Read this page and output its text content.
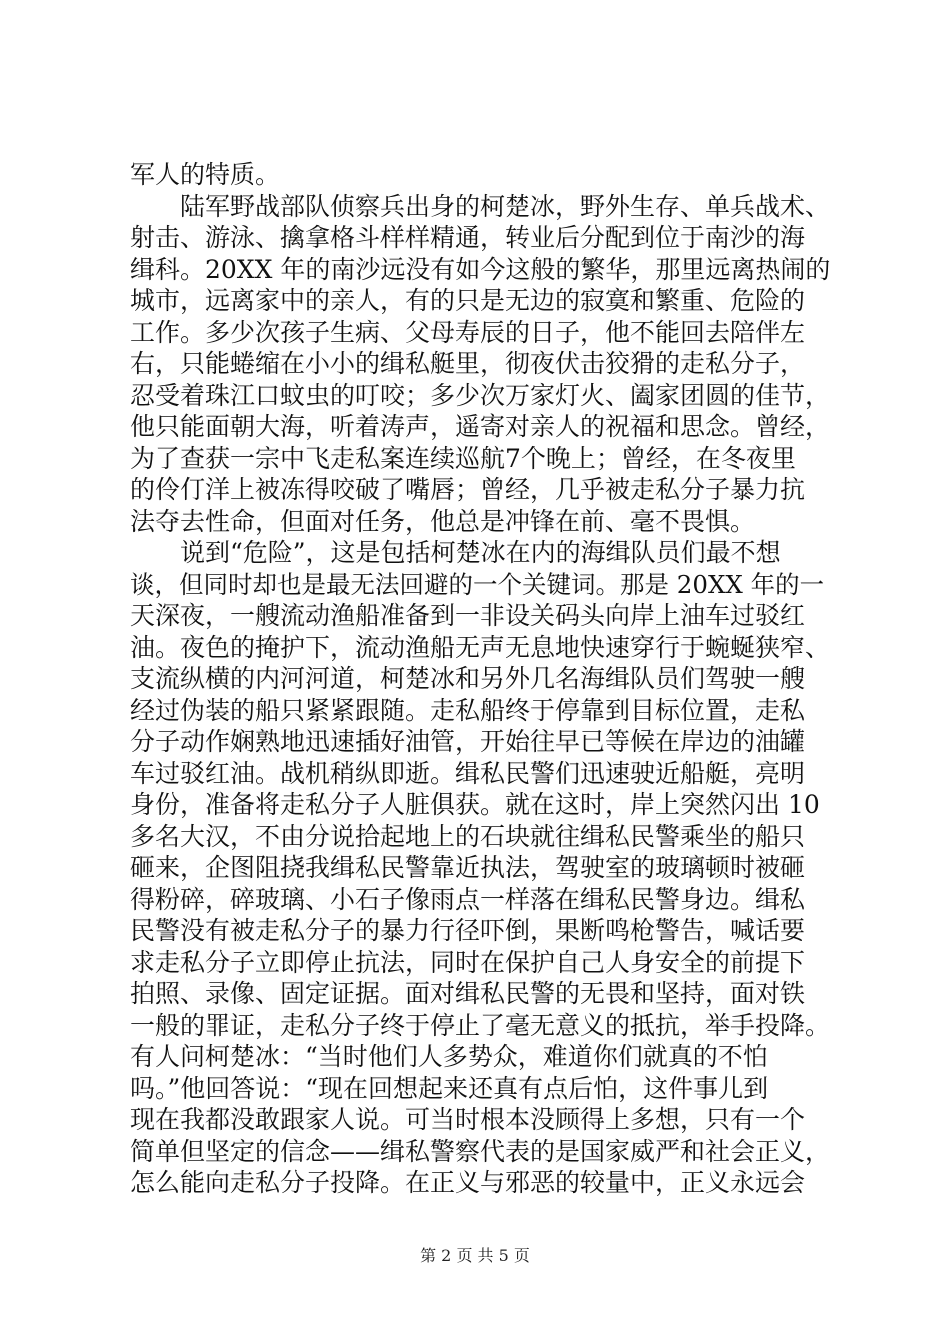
军人的特质。
　　陆军野战部队侦察兵出身的柯楚冰，野外生存、单兵战术、
射击、游泳、擒拿格斗样样精通，转业后分配到位于南沙的海
缉科。20XX 年的南沙远没有如今这般的繁华，那里远离热闹的
城市，远离家中的亲人，有的只是无边的寂寞和繁重、危险的
工作。多少次孩子生病、父母寿辰的日子，他不能回去陪伴左
右，只能蜷缩在小小的缉私艇里，彻夜伏击狡猾的走私分子，
忍受着珠江口蚊虫的叮咬；多少次万家灯火、阖家团圆的佳节，
他只能面朝大海，听着涛声，遥寄对亲人的祝福和思念。曾经，
为了查获一宗中飞走私案连续巡航7个晚上；曾经，在冬夜里
的伶仃洋上被冻得咬破了嘴唇；曾经，几乎被走私分子暴力抗
法夺去性命，但面对任务，他总是冲锋在前、毫不畏惧。
　　说到“危险”，这是包括柯楚冰在内的海缉队员们最不想
谈，但同时却也是最无法回避的一个关键词。那是 20XX 年的一
天深夜，一艘流动渔船准备到一非设关码头向岸上油车过驳红
油。夜色的掩护下，流动渔船无声无息地快速穿行于蜿蜒狭窄、
支流纵横的内河河道，柯楚冰和另外几名海缉队员们驾驶一艘
经过伪装的船只紧紧跟随。走私船终于停靠到目标位置，走私
分子动作娴熟地迅速插好油管，开始往早已等候在岸边的油罐
车过驳红油。战机稍纵即逝。缉私民警们迅速驶近船艇，亮明
身份，准备将走私分子人脏俱获。就在这时，岸上突然闪出 10
多名大汉，不由分说拾起地上的石块就往缉私民警乘坐的船只
砸来，企图阻挠我缉私民警靠近执法，驾驶室的玻璃顿时被砸
得粉碎，碎玻璃、小石子像雨点一样落在缉私民警身边。缉私
民警没有被走私分子的暴力行径吓倒，果断鸣枪警告，喊话要
求走私分子立即停止抗法，同时在保护自己人身安全的前提下
拍照、录像、固定证据。面对缉私民警的无畏和坚持，面对铁
一般的罪证，走私分子终于停止了毫无意义的抵抗，举手投降。
有人问柯楚冰：“当时他们人多势众，难道你们就真的不怕
吗。”他回答说：“现在回想起来还真有点后怕，这件事儿到
现在我都没敢跟家人说。可当时根本没顾得上多想，只有一个
简单但坚定的信念——缉私警察代表的是国家威严和社会正义，
怎么能向走私分子投降。在正义与邪恶的较量中，正义永远会
第 2 页 共 5 页
